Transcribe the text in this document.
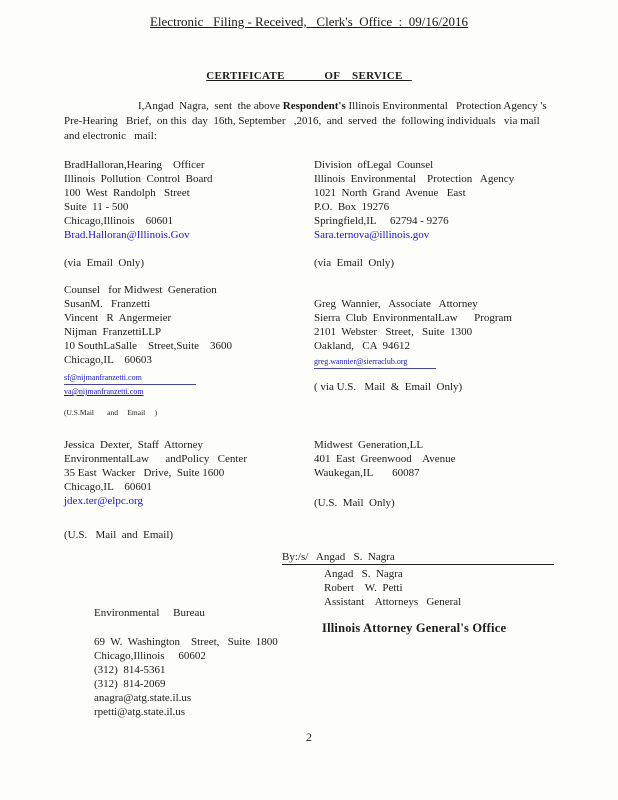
Electronic   Filing - Received,   Clerk's  Office  :  09/16/2016
CERTIFICATE             OF    SERVICE
I,Angad  Nagra,  sent  the above Respondent's Illinois Environmental   Protection Agency 's Pre-Hearing   Brief,  on this  day  16th, September   ,2016,  and  served  the  following individuals   via mail  and electronic   mail:
BradHalloran,Hearing    Officer
Illinois  Pollution  Control  Board
100  West  Randolph   Street
Suite  11 - 500
Chicago,Illinois    60601
Brad.Halloran@Illinois.Gov
(via  Email  Only)
Division  ofLegal  Counsel
Illinois  Environmental    Protection   Agency
1021  North  Grand  Avenue   East
P.O.  Box  19276
Springfield,IL     62794 - 9276
Sara.ternova@illinois.gov
(via  Email  Only)
Counsel   for Midwest  Generation
SusanM.   Franzetti
Vincent   R  Angermeier
Nijman  FranzettiLLP
10 SouthLaSalle    Street,Suite    3600
Chicago,IL    60603
sf@nijmanfranzetti.com
va@nijmanfranzetti.com
(U.S.Mail       and     Email     )
Greg  Wannier,   Associate   Attorney
Sierra  Club  EnvironmentalLaw      Program
2101  Webster   Street,   Suite  1300
Oakland,   CA  94612
greg.wannier@sierraclub.org
( via U.S.   Mail  &  Email  Only)
Jessica  Dexter,  Staff  Attorney
EnvironmentalLaw      andPolicy   Center
35 East  Wacker   Drive,  Suite 1600
Chicago,IL    60601
jdex.ter@elpc.org
(U.S.   Mail  and  Email)
Midwest  Generation,LL
401  East  Greenwood    Avenue
Waukegan,IL       60087
(U.S.  Mail  Only)
By:/s/   Angad   S.  Nagra
Angad   S.  Nagra
Robert    W.  Petti
Assistant    Attorneys   General
Illinois Attorney General's Office
Environmental     Bureau
69  W.  Washington    Street,   Suite  1800
Chicago,Illinois     60602
(312)  814-5361
(312)  814-2069
anagra@atg.state.il.us
rpetti@atg.state.il.us
2
